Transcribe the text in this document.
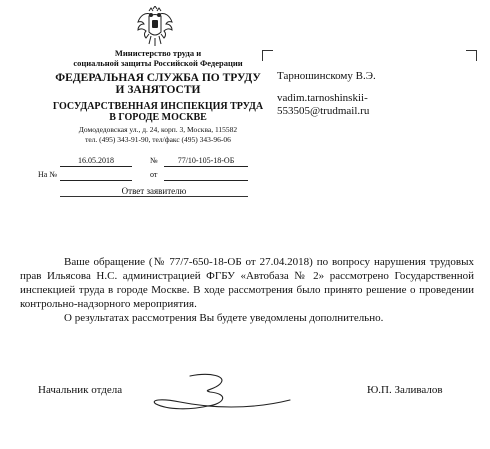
Министерство труда и
социальной защиты Российской Федерации
ФЕДЕРАЛЬНАЯ СЛУЖБА ПО ТРУДУ
И ЗАНЯТОСТИ
ГОСУДАРСТВЕННАЯ ИНСПЕКЦИЯ ТРУДА
В ГОРОДЕ МОСКВЕ
Домодедовская ул., д. 24, корп. 3, Москва, 115582
тел. (495) 343-91-90, тел/факс (495) 343-96-06
Тарношинскому В.Э.
vadim.tarnoshinskii-
553505@trudmail.ru
16.05.2018	№	77/10-105-18-ОБ
На №	от
Ответ заявителю

Ваше обращение (№ 77/7-650-18-ОБ от 27.04.2018) по вопросу нарушения трудовых прав Ильясова Н.С. администрацией ФГБУ «Автобаза № 2» рассмотрено Государственной инспекцией труда в городе Москве. В ходе рассмотрения было принято решение о проведении контрольно-надзорного мероприятия.

О результатах рассмотрения Вы будете уведомлены дополнительно.

Начальник отдела	Ю.П. Заливалов
